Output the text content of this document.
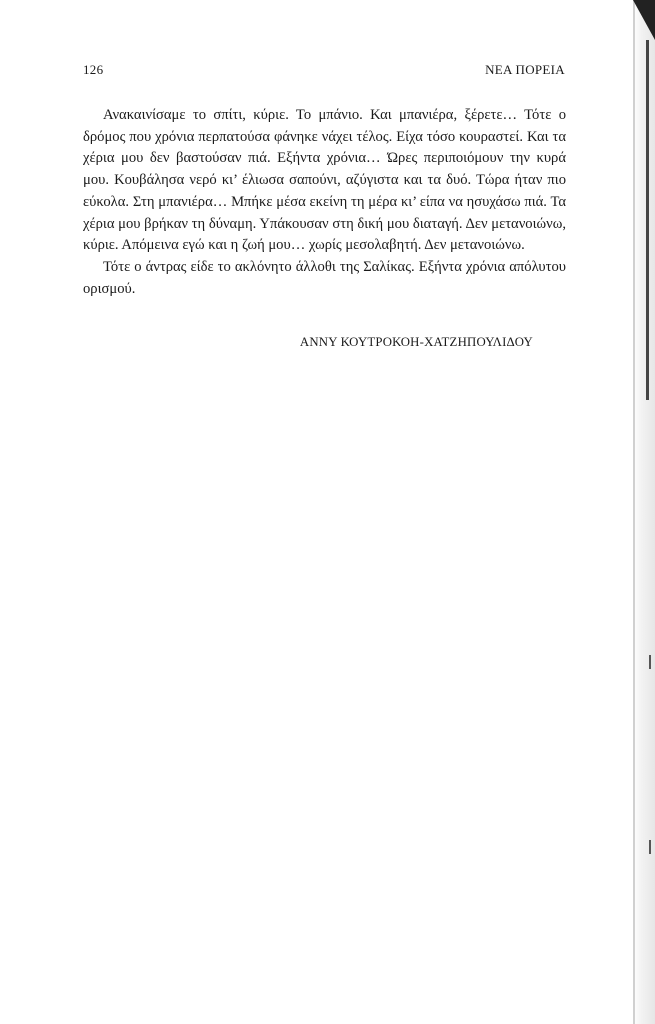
126	ΝΕΑ ΠΟΡΕΙΑ

Ανακαινίσαμε το σπίτι, κύριε. Το μπάνιο. Και μπανιέρα, ξέρετε… Τότε ο δρόμος που χρόνια περπατούσα φάνηκε νάχει τέλος. Είχα τόσο κουραστεί. Και τα χέρια μου δεν βαστούσαν πιά. Εξήντα χρόνια… Ώρες περιποιόμουν την κυρά μου. Κουβάλησα νερό κι’ έλιωσα σαπούνι, αζύγιστα και τα δυό. Τώρα ήταν πιο εύκολα. Στη μπανιέρα… Μπήκε μέσα εκείνη τη μέρα κι’ είπα να ησυχάσω πιά. Τα χέρια μου βρήκαν τη δύναμη. Υπάκουσαν στη δική μου διαταγή. Δεν μετανοιώνω, κύριε. Απόμεινα εγώ και η ζωή μου… χωρίς μεσολαβητή. Δεν μετανοιώνω.

Τότε ο άντρας είδε το ακλόνητο άλλοθι της Σαλίκας. Εξήντα χρόνια απόλυτου ορισμού.

ΑΝΝΥ ΚΟΥΤΡΟΚΟΗ-ΧΑΤΖΗΠΟΥΛΙΔΟΥ
